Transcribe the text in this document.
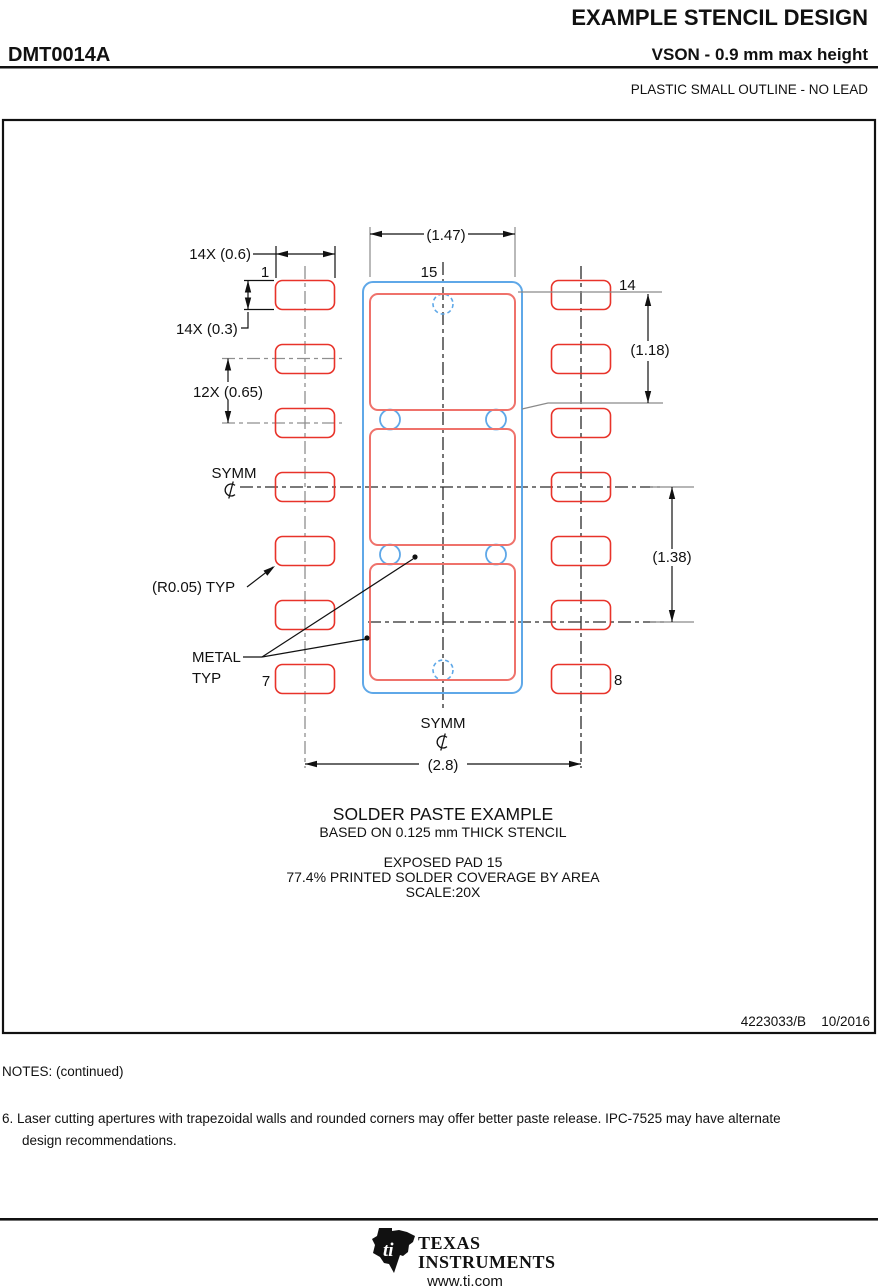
EXAMPLE STENCIL DESIGN
DMT0014A	VSON - 0.9 mm max height
PLASTIC SMALL OUTLINE - NO LEAD
(1.47)
14X (0.6)
1	15
14
14X (0.3)
12X (0.65)
SYMM
(R0.05) TYP
METAL
TYP	7	8
(1.18)
(1.38)
(2.8)
SYMM
SOLDER PASTE EXAMPLE
BASED ON 0.125 mm THICK STENCIL
EXPOSED PAD 15
77.4% PRINTED SOLDER COVERAGE BY AREA
SCALE:20X
4223033/B 10/2016
NOTES: (continued)
6. Laser cutting apertures with trapezoidal walls and rounded corners may offer better paste release. IPC-7525 may have alternate
design recommendations.
ti TEXAS
INSTRUMENTS
www.ti.com
